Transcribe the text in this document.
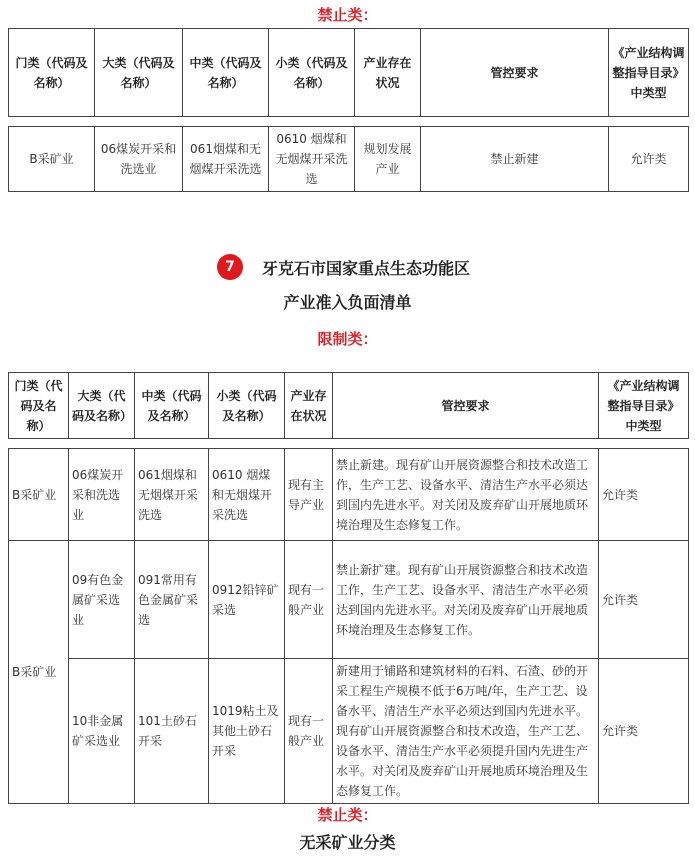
禁止类：
门类（代码及名称）	大类（代码及名称）	中类（代码及名称）	小类（代码及名称）	产业存在状况	管控要求	《产业结构调整指导目录》中类型
B采矿业	06煤炭开采和洗选业	061烟煤和无烟煤开采洗选	0610 烟煤和无烟煤开采洗选	规划发展产业	禁止新建	允许类
7	牙克石市国家重点生态功能区
产业准入负面清单
限制类：
门类（代码及名称）	大类（代码及名称）	中类（代码及名称）	小类（代码及名称）	产业存在状况	管控要求	《产业结构调整指导目录》中类型
B采矿业	06煤炭开采和洗选业	061烟煤和无烟煤开采洗选	0610 烟煤和无烟煤开采洗选	现有主导产业	禁止新建。现有矿山开展资源整合和技术改造工作，生产工艺、设备水平、清洁生产水平必须达到国内先进水平。对关闭及废弃矿山开展地质环境治理及生态修复工作。	允许类
B采矿业	09有色金属矿采选业	091常用有色金属矿采选	0912铅锌矿采选	现有一般产业	禁止新扩建。现有矿山开展资源整合和技术改造工作，生产工艺、设备水平、清洁生产水平必须达到国内先进水平。对关闭及废弃矿山开展地质环境治理及生态修复工作。	允许类
	10非金属矿采选业	101土砂石开采	1019粘土及其他土砂石开采	现有一般产业	新建用于铺路和建筑材料的石料、石渣、砂的开采工程生产规模不低于6万吨/年，生产工艺、设备水平、清洁生产水平必须达到国内先进水平。现有矿山开展资源整合和技术改造，生产工艺、设备水平、清洁生产水平必须提升国内先进生产水平。对关闭及废弃矿山开展地质环境治理及生态修复工作。	允许类
禁止类：
无采矿业分类
